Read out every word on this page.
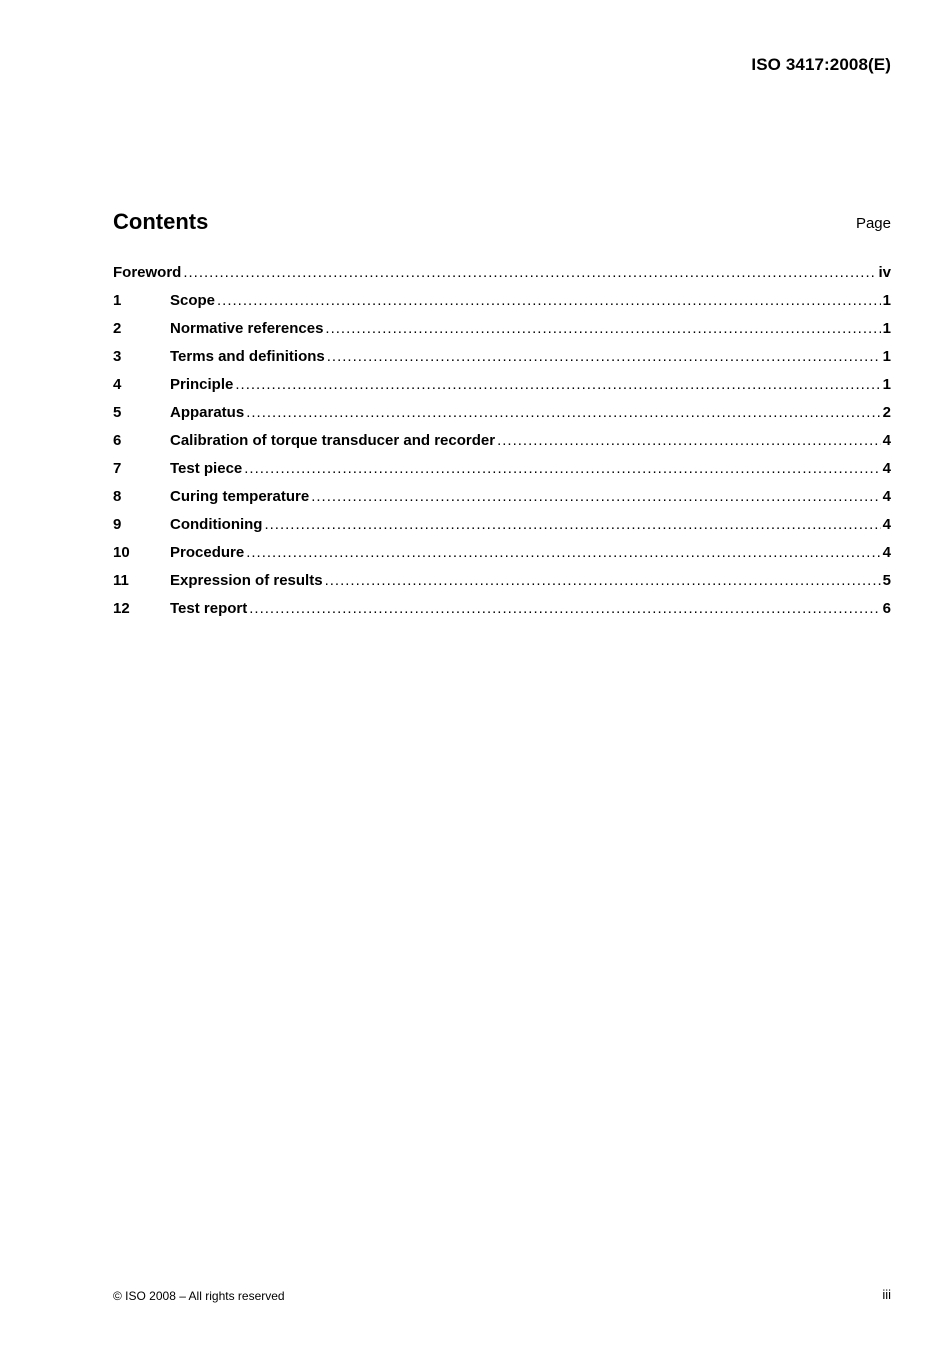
ISO 3417:2008(E)
Contents	Page
Foreword .....	iv
1	Scope .....	1
2	Normative references .....	1
3	Terms and definitions .....	1
4	Principle .....	1
5	Apparatus .....	2
6	Calibration of torque transducer and recorder .....	4
7	Test piece .....	4
8	Curing temperature .....	4
9	Conditioning .....	4
10	Procedure .....	4
11	Expression of results .....	5
12	Test report .....	6
© ISO 2008 – All rights reserved	iii
